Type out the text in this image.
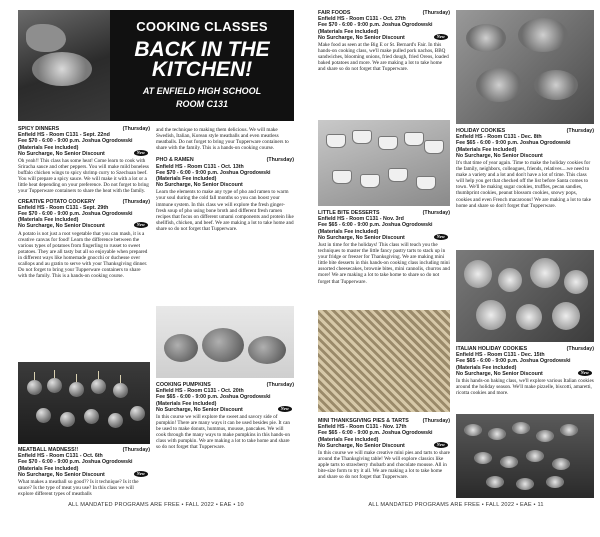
COOKING CLASSES
BACK IN THE
KITCHEN!
AT ENFIELD HIGH SCHOOL
ROOM C131
SPICY DINNERS	(Thursday)
Enfield HS - Room C131 - Sept. 22nd
Fee $70 - 6:00 - 9:00 p.m. Joshua Ogrodowski
(Materials Fee included)
No Surcharge, No Senior Discount	New
Oh yeah!! This class has some heat! Come learn to cook with Sriracha sauce and other peppers. You will make mild boneless buffalo chicken wings to spicy shrimp curry to Szechuan beef. You will prepare a spicy sauce. We will make it with a lot or a little heat depending on your preference. Do not forget to bring your Tupperware containers to share the heat with the family.
CREATIVE POTATO COOKERY	(Thursday)
Enfield HS - Room C131 - Sept. 29th
Fee $70 - 6:00 - 9:00 p.m. Joshua Ogrodowski
(Materials Fee included)
No Surcharge, No Senior Discount	New
A potato is not just a root vegetable that you can mash, it is a creative canvas for food! Learn the difference between the various types of potatoes from fingerling to russet to sweet potatoes. They are all tasty but all so enjoyable when prepared in different ways like homemade gnocchi or duchesse over scallops and au gratin to serve with your Thanksgiving dinner. Do not forget to bring your Tupperware containers to share with the family. This is a hands-on cooking course.
MEATBALL MADNESS!!	(Thursday)
Enfield HS - Room C131 - Oct. 6th
Fee $70 - 6:00 - 9:00 p.m. Joshua Ogrodowski
(Materials Fee included)
No Surcharge, No Senior Discount	New
What makes a meatball so good?? Is it technique? Is it the sauce? Is the type of meat you use? In this class we will explore different types of meatballs
and the technique to making them delicious. We will make Swedish, Italian, Korean style meatballs and even meatless meatballs. Do not forget to bring your Tupperware containers to share with the family. This is a hands-on cooking course.
PHO & RAMEN	(Thursday)
Enfield HS - Room C131 - Oct. 13th
Fee $70 - 6:00 - 9:00 p.m. Joshua Ogrodowski
(Materials Fee included)
No Surcharge, No Senior Discount
Learn the elements to make any type of pho and ramen to warm your soul during the cold fall months so you can boost your immune system. In this class we will explore the fresh ginger-fresh soup of pho using bone broth and different fresh ramen recipes that focus on different umami components and protein like shellfish, chicken, and beef. We are making a lot to take home and share so do not forget that Tupperware.
COOKING PUMPKINS	(Thursday)
Enfield HS - Room C131 - Oct. 20th
Fee $65 - 6:00 - 9:00 p.m. Joshua Ogrodowski
(Materials Fee included)
No Surcharge, No Senior Discount	New
In this course we will explore the sweet and savory side of pumpkin! There are many ways it can be used besides pie. It can be used to make donuts, hummus, mousse, pancakes. We will cook through the many ways to make pumpkins in this hands-on class with pumpkin. We are making a lot to take home and share so do not forget that Tupperware.
ALL MANDATED PROGRAMS ARE FREE • FALL 2022 • EAE • 10
FAIR FOODS	(Thursday)
Enfield HS - Room C131 - Oct. 27th
Fee $70 - 6:00 - 9:00 p.m. Joshua Ogrodowski
(Materials Fee included)
No Surcharge, No Senior Discount	New
Make food as seen at the Big E or St. Bernard's Fair. In this hands-on cooking class, we'll make pulled pork nachos, BBQ sandwiches, blooming onions, fried dough, fried Oreos, loaded baked potatoes and more. We are making a lot to take home and share so do not forget that Tupperware.
LITTLE BITE DESSERTS	(Thursday)
Enfield HS - Room C131 - Nov. 3rd
Fee $65 - 6:00 - 9:00 p.m. Joshua Ogrodowski
(Materials Fee included)
No Surcharge, No Senior Discount	New
Just in time for the holidays! This class will teach you the techniques to master the little fancy pastry tarts to stack up in your fridge or freezer for Thanksgiving. We are making mini little bite desserts in this hands-on cooking class including mini assorted cheesecakes, brownie bites, mini cannolis, churros and more! We are making a lot to take home to share so do not forget that Tupperware.
MINI THANKSGIVING PIES & TARTS	(Thursday)
Enfield HS - Room C131 - Nov. 17th
Fee $65 - 6:00 - 9:00 p.m. Joshua Ogrodowski
(Materials Fee included)
No Surcharge, No Senior Discount	New
In this course we will make creative mini pies and tarts to share around the Thanksgiving table! We will explore classics like apple tarts to strawberry rhubarb and chocolate mousse. All in bite-size form to try it all. We are making a lot to take home and share so do not forget that Tupperware.
HOLIDAY COOKIES	(Thursday)
Enfield HS - Room C131 - Dec. 8th
Fee $65 - 6:00 - 9:00 p.m. Joshua Ogrodowski
(Materials Fee included)
No Surcharge, No Senior Discount
It's that time of year again. Time to make the holiday cookies for the family, neighbors, colleagues, friends, relatives....we need to make a variety and a lot and don't have a lot of time. This class will help you get that checked off the list before Santa comes to town. We'll be making sugar cookies, truffles, pecan sandies, thumbprint cookies, peanut blossom cookies, snowy pops, cookies and even French macaroons! We are making a lot to take home and share so don't forget that Tupperware.
ITALIAN HOLIDAY COOKIES	(Thursday)
Enfield HS - Room C131 - Dec. 15th
Fee $65 - 6:00 - 9:00 p.m. Joshua Ogrodowski
(Materials Fee included)
No Surcharge, No Senior Discount	New
In this hands-on baking class, we'll explore various Italian cookies around the holiday season. We'll make pizzelle, biscotti, amaretti, ricotta cookies and more.
ALL MANDATED PROGRAMS ARE FREE • FALL 2022 • EAE • 11
